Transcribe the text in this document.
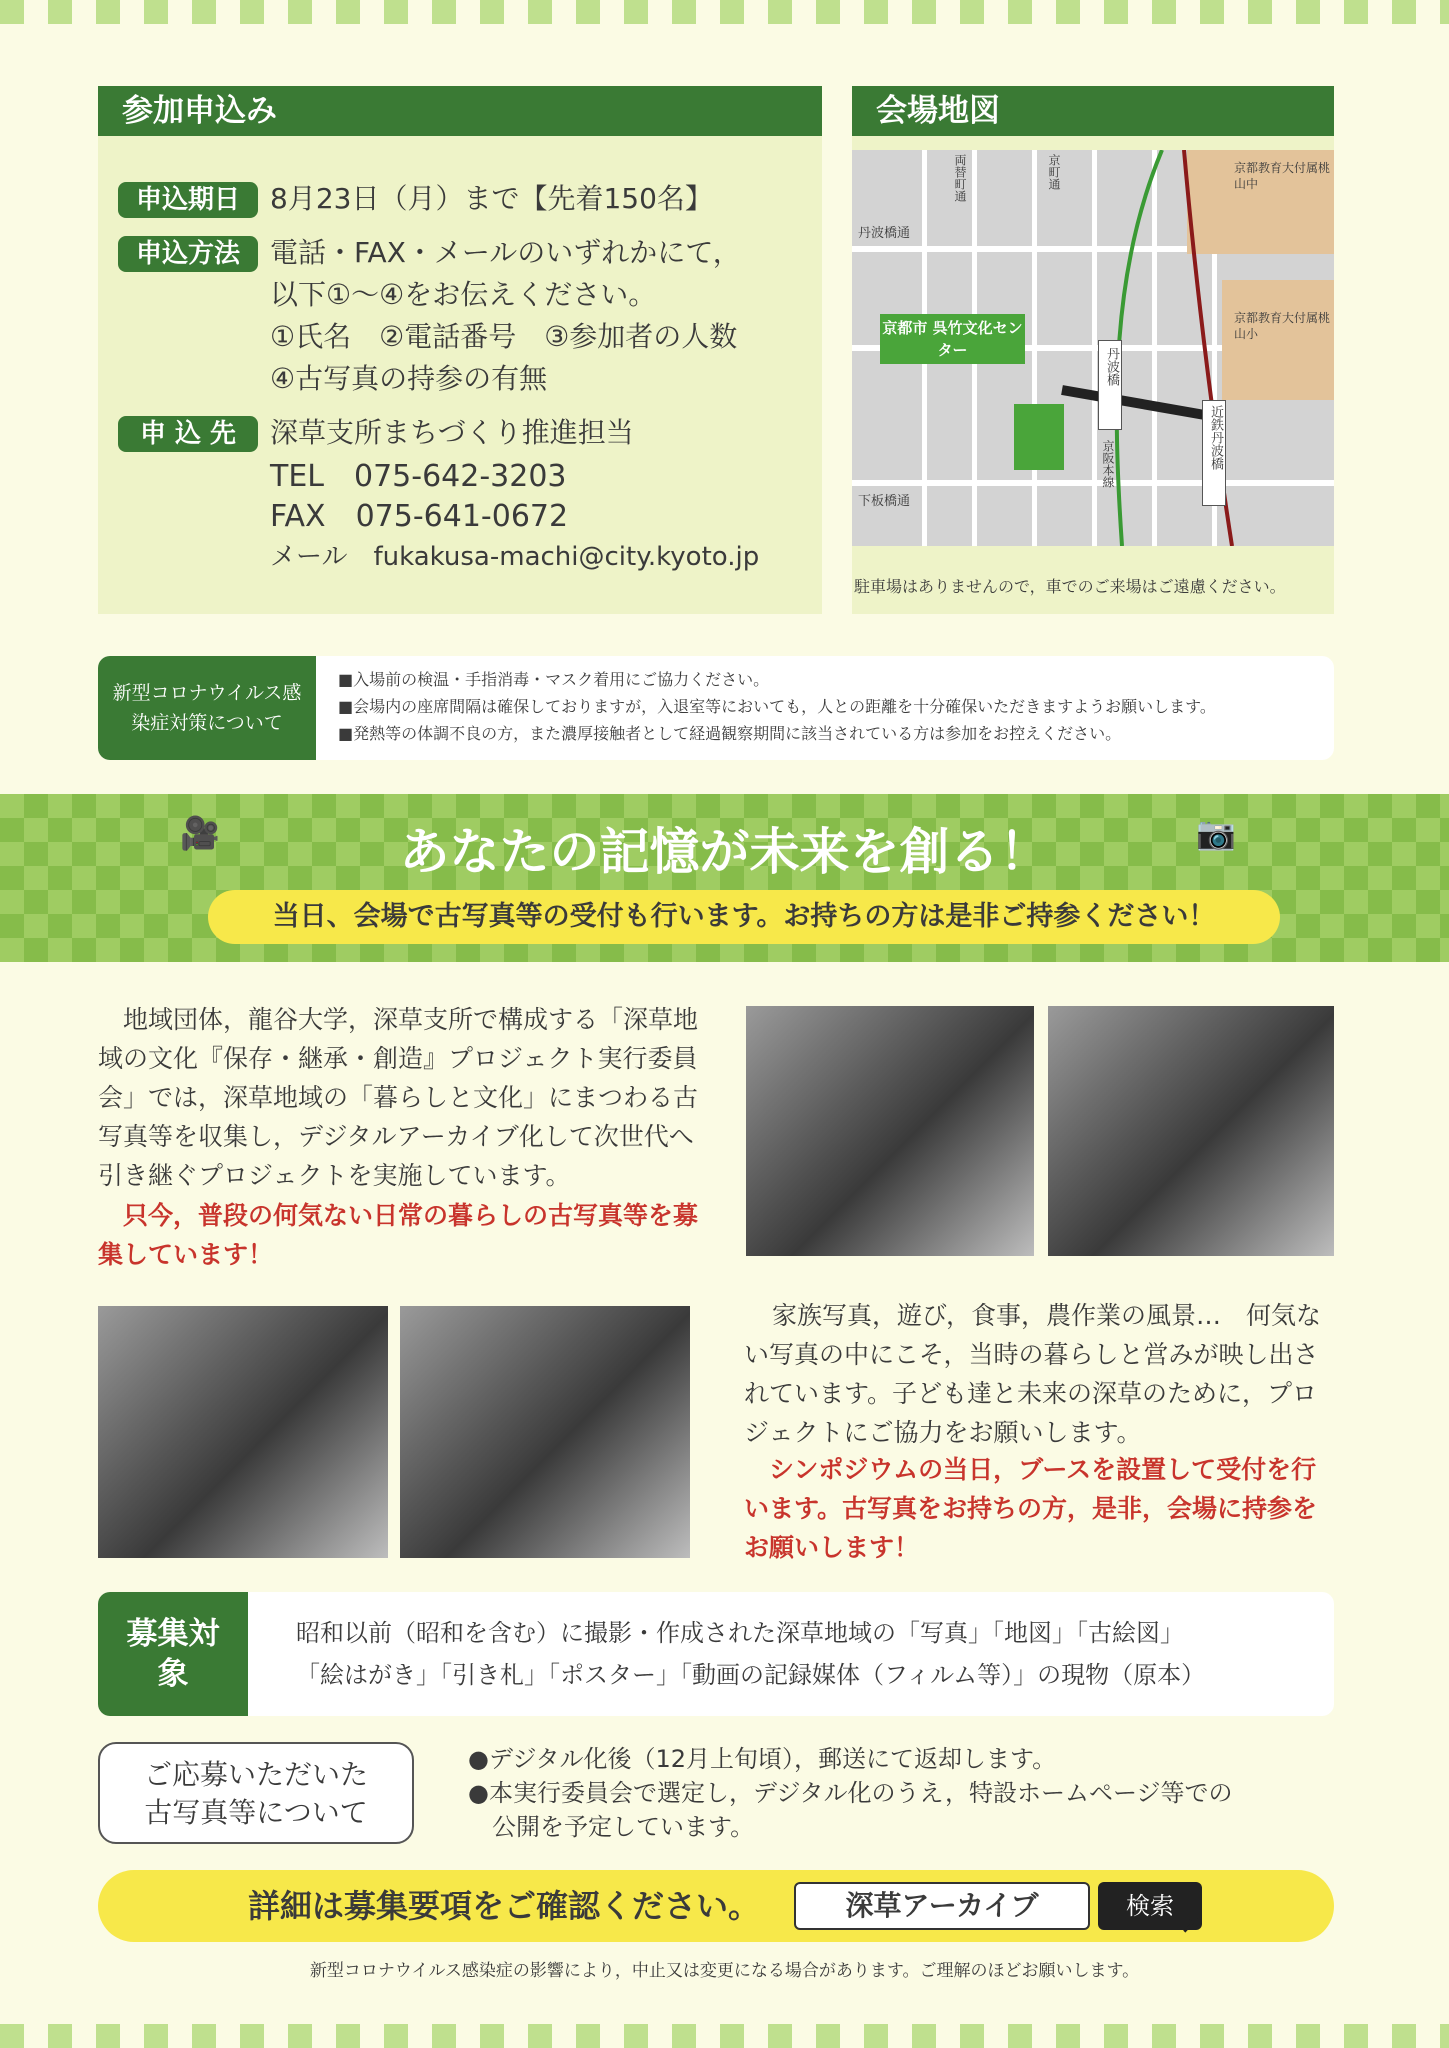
参加申込み
申込期日	8月23日（月）まで【先着150名】
申込方法	電話・FAX・メールのいずれかにて，
以下①～④をお伝えください。
①氏名　②電話番号　③参加者の人数
④古写真の持参の有無
申 込 先	深草支所まちづくり推進担当
TEL　075-642-3203
FAX　075-641-0672
メール　fukakusa-machi@city.kyoto.jp
会場地図
京都市 呉竹文化センター
丹波橋通
下板橋通
両替町通	京町通
丹波橋
京阪本線	近鉄丹波橋
京都教育大付属桃山中
京都教育大付属桃山小
駐車場はありませんので，車でのご来場はご遠慮ください。
新型コロナウイルス感染症対策について
■入場前の検温・手指消毒・マスク着用にご協力ください。
■会場内の座席間隔は確保しておりますが，入退室等においても，人との距離を十分確保いただきますようお願いします。
■発熱等の体調不良の方，また濃厚接触者として経過観察期間に該当されている方は参加をお控えください。
🎥	📷
あなたの記憶が未来を創る！
当日、会場で古写真等の受付も行います。お持ちの方は是非ご持参ください！
　地域団体，龍谷大学，深草支所で構成する「深草地域の文化『保存・継承・創造』プロジェクト実行委員会」では，深草地域の「暮らしと文化」にまつわる古写真等を収集し，デジタルアーカイブ化して次世代へ引き継ぐプロジェクトを実施しています。
　只今，普段の何気ない日常の暮らしの古写真等を募集しています！
家族写真，遊び，食事，農作業の風景…　何気ない写真の中にこそ，当時の暮らしと営みが映し出されています。子ども達と未来の深草のために，プロジェクトにご協力をお願いします。
　シンポジウムの当日，ブースを設置して受付を行います。古写真をお持ちの方，是非，会場に持参をお願いします！
募集対象
昭和以前（昭和を含む）に撮影・作成された深草地域の「写真」「地図」「古絵図」
「絵はがき」「引き札」「ポスター」「動画の記録媒体（フィルム等）」の現物（原本）
ご応募いただいた古写真等について
●デジタル化後（12月上旬頃），郵送にて返却します。
●本実行委員会で選定し，デジタル化のうえ，特設ホームページ等での
公開を予定しています。
詳細は募集要項をご確認ください。	深草アーカイブ	検索
➚
新型コロナウイルス感染症の影響により，中止又は変更になる場合があります。ご理解のほどお願いします。
